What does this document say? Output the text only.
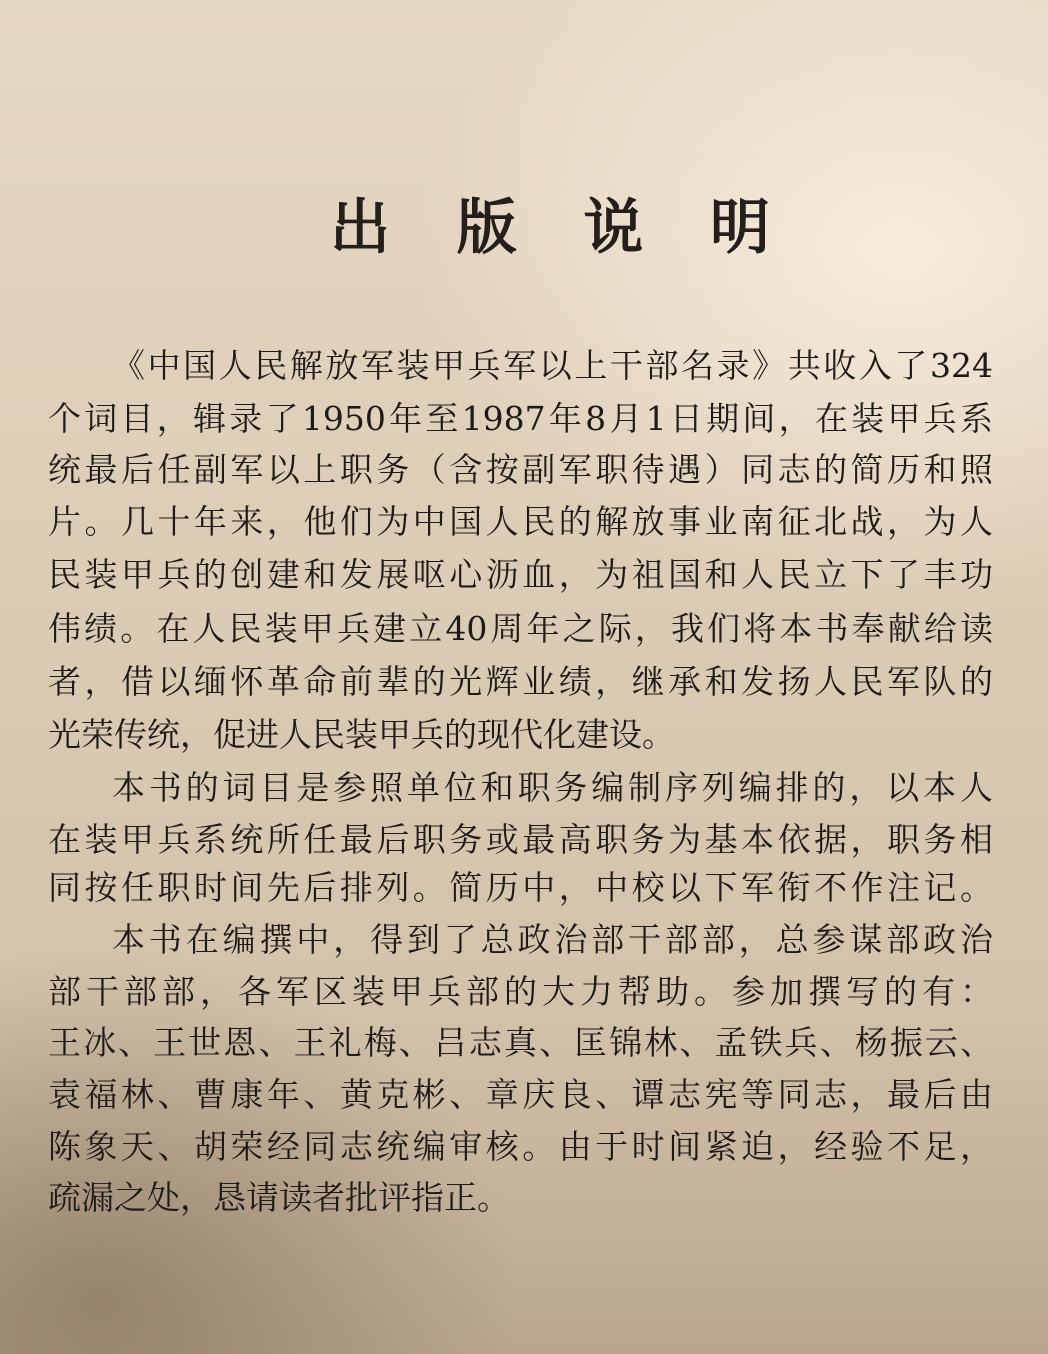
出 版 说 明
《中国人民解放军装甲兵军以上干部名录》共收入了324
个词目，辑录了1950年至1987年8月1日期间，在装甲兵系
统最后任副军以上职务（含按副军职待遇）同志的简历和照
片。几十年来，他们为中国人民的解放事业南征北战，为人
民装甲兵的创建和发展呕心沥血，为祖国和人民立下了丰功
伟绩。在人民装甲兵建立40周年之际，我们将本书奉献给读
者，借以缅怀革命前辈的光辉业绩，继承和发扬人民军队的
光荣传统，促进人民装甲兵的现代化建设。
本书的词目是参照单位和职务编制序列编排的，以本人
在装甲兵系统所任最后职务或最高职务为基本依据，职务相
同按任职时间先后排列。简历中，中校以下军衔不作注记。
本书在编撰中，得到了总政治部干部部，总参谋部政治
部干部部，各军区装甲兵部的大力帮助。参加撰写的有：
王冰、王世恩、王礼梅、吕志真、匡锦林、孟铁兵、杨振云、
袁福林、曹康年、黄克彬、章庆良、谭志宪等同志，最后由
陈象天、胡荣经同志统编审核。由于时间紧迫，经验不足，
疏漏之处，恳请读者批评指正。
